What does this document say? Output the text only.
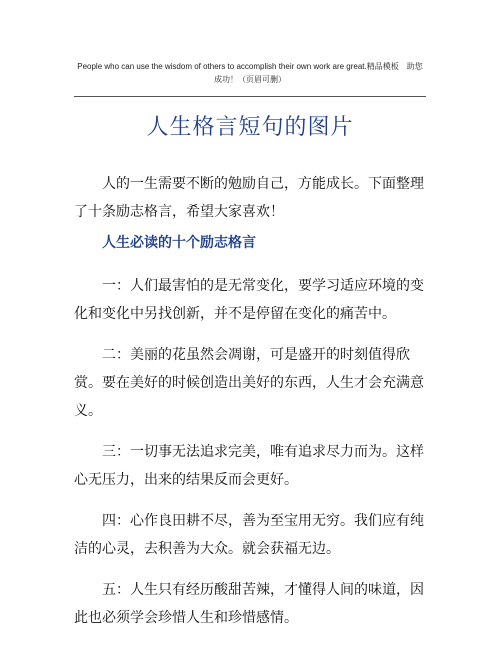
People who can use the wisdom of others to accomplish their own work are great.精品模板　助您成功！（页眉可删）
人生格言短句的图片

人的一生需要不断的勉励自己，方能成长。下面整理了十条励志格言，希望大家喜欢！

人生必读的十个励志格言

一：人们最害怕的是无常变化，要学习适应环境的变化和变化中另找创新，并不是停留在变化的痛苦中。

二：美丽的花虽然会凋谢，可是盛开的时刻值得欣赏。要在美好的时候创造出美好的东西，人生才会充满意义。

三：一切事无法追求完美，唯有追求尽力而为。这样心无压力，出来的结果反而会更好。

四：心作良田耕不尽，善为至宝用无穷。我们应有纯洁的心灵，去积善为大众。就会获福无边。

五：人生只有经历酸甜苦辣，才懂得人间的味道，因此也必须学会珍惜人生和珍惜感情。
